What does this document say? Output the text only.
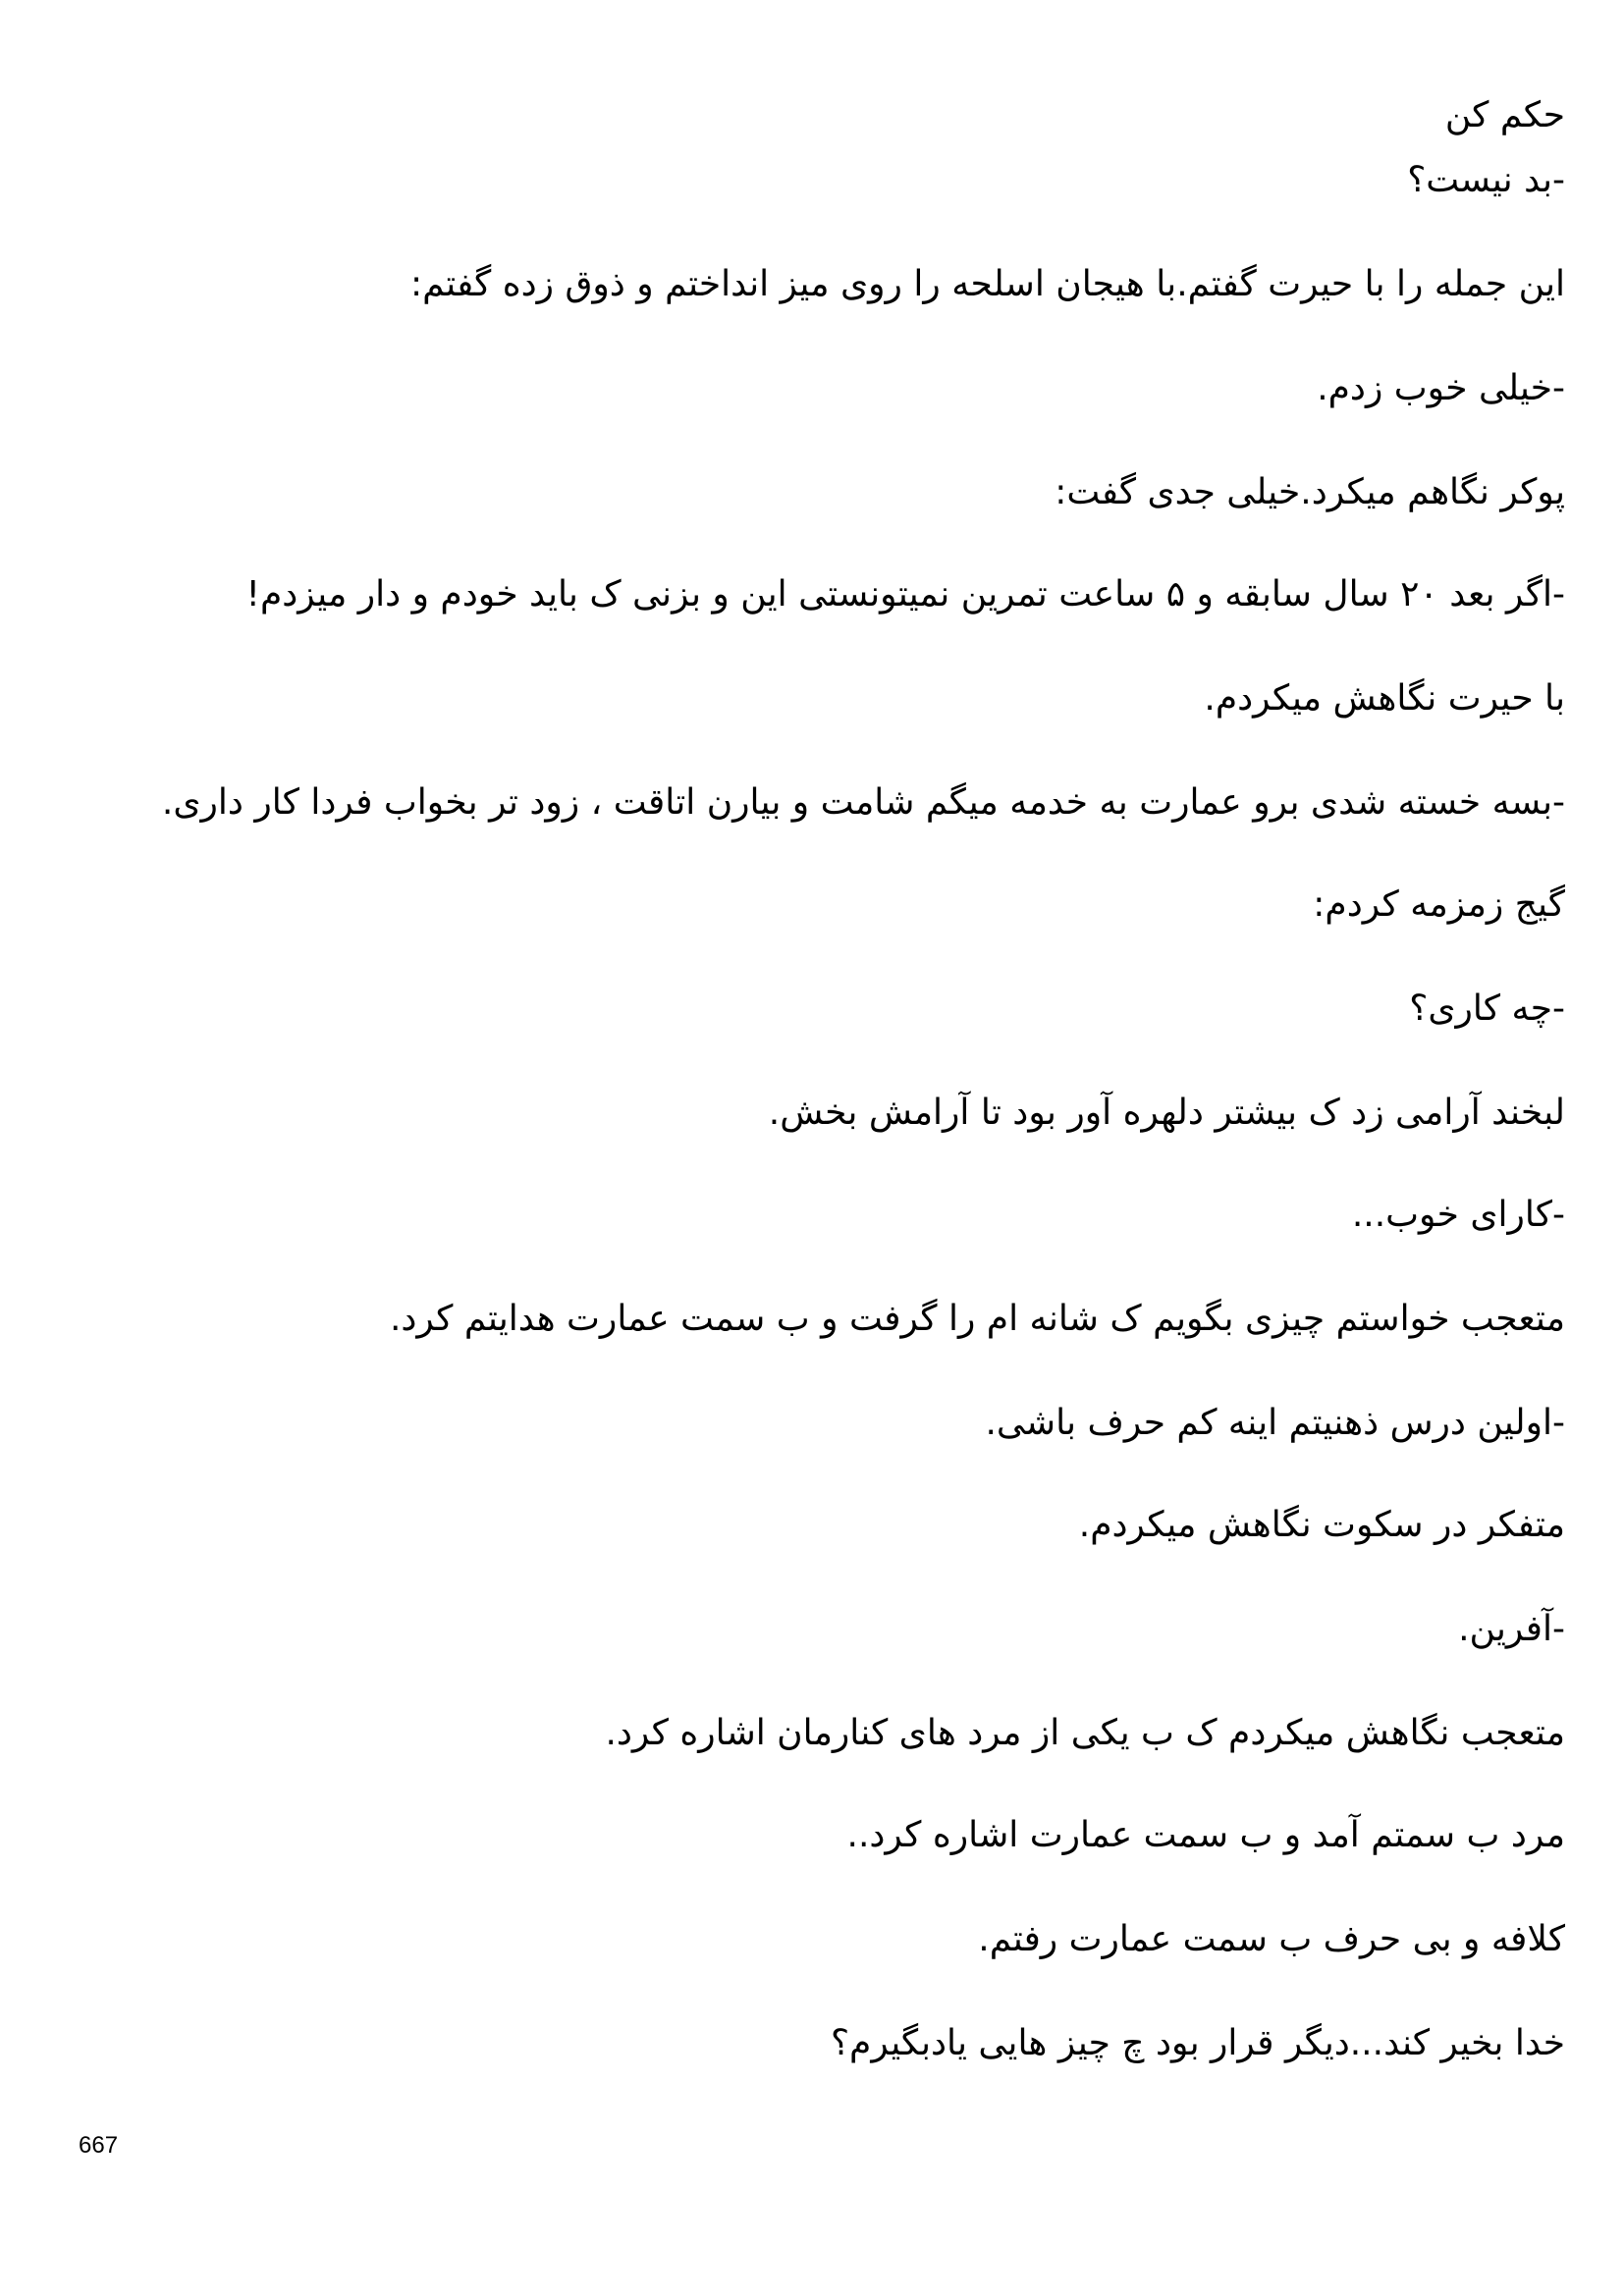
حکم کن
-بد نیست؟
این جمله را با حیرت گفتم.با هیجان اسلحه را روی میز انداختم و ذوق زده گفتم:
-خیلی خوب زدم.
پوکر نگاهم میکرد.خیلی جدی گفت:
-اگر بعد ۲۰ سال سابقه و ۵ ساعت تمرین نمیتونستی این و بزنی ک باید خودم و دار میزدم!
با حیرت نگاهش میکردم.
-بسه خسته شدی برو عمارت به خدمه میگم شامت و بیارن اتاقت ، زود تر بخواب فردا کار داری.
گیج زمزمه کردم:
-چه کاری؟
لبخند آرامی زد ک بیشتر دلهره آور بود تا آرامش بخش.
-کارای خوب...
متعجب خواستم چیزی بگویم ک شانه ام را گرفت و ب سمت عمارت هدایتم کرد.
-اولین درس ذهنیتم اینه کم حرف باشی.
متفکر در سکوت نگاهش میکردم.
-آفرین.
متعجب نگاهش میکردم ک ب یکی از مرد های کنارمان اشاره کرد.
مرد ب سمتم آمد و ب سمت عمارت اشاره کرد..
کلافه و بی حرف ب سمت عمارت رفتم.
خدا بخیر کند...دیگر قرار بود چ چیز هایی یادبگیرم؟
667
